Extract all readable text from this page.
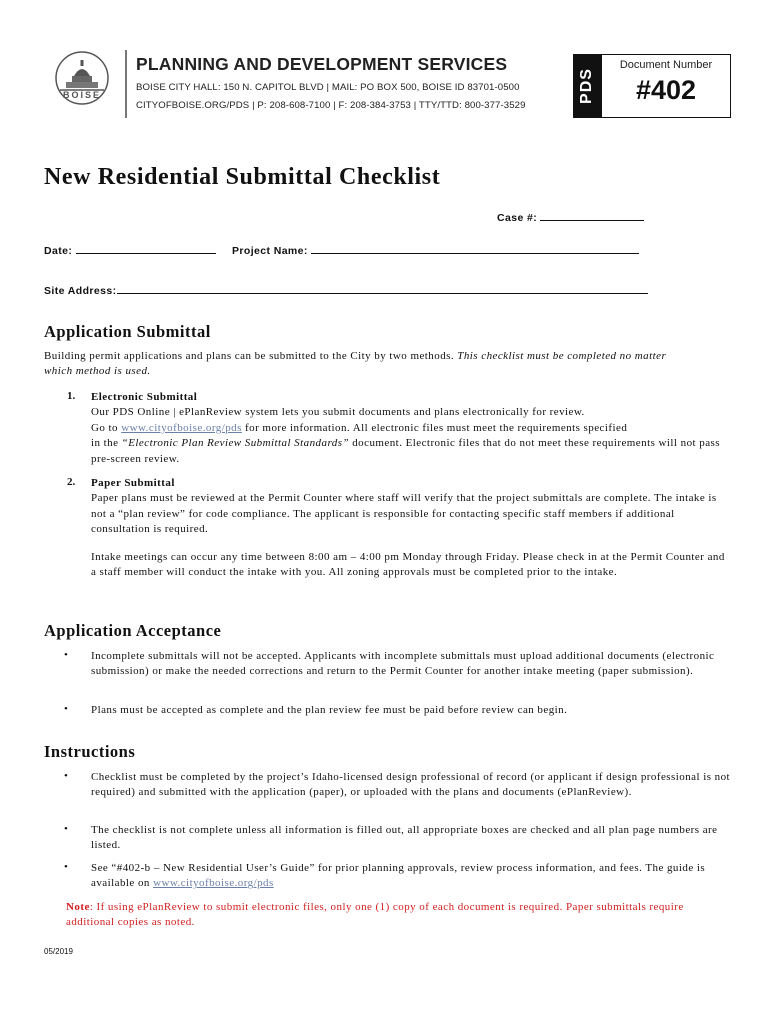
BOISE
PLANNING AND DEVELOPMENT SERVICES
BOISE CITY HALL: 150 N. CAPITOL BLVD | MAIL: PO BOX 500, BOISE ID 83701-0500
CITYOFBOISE.ORG/PDS | P: 208-608-7100 | F: 208-384-3753 | TTY/TTD: 800-377-3529
PDS
Document Number
#402
New Residential Submittal Checklist
Case #:
Date:	Project Name:
Site Address:
Application Submittal
Building permit applications and plans can be submitted to the City by two methods. This checklist must be completed no matter which method is used.
1. Electronic Submittal
Our PDS Online | ePlanReview system lets you submit documents and plans electronically for review.
Go to www.cityofboise.org/pds for more information. All electronic files must meet the requirements specified
in the “Electronic Plan Review Submittal Standards” document. Electronic files that do not meet these requirements will not pass pre-screen review.
2. Paper Submittal
Paper plans must be reviewed at the Permit Counter where staff will verify that the project submittals are complete. The intake is not a “plan review” for code compliance. The applicant is responsible for contacting specific staff members if additional consultation is required.
Intake meetings can occur any time between 8:00 am – 4:00 pm Monday through Friday. Please check in at the Permit Counter and a staff member will conduct the intake with you. All zoning approvals must be completed prior to the intake.
Application Acceptance
• Incomplete submittals will not be accepted. Applicants with incomplete submittals must upload additional documents (electronic submission) or make the needed corrections and return to the Permit Counter for another intake meeting (paper submission).
• Plans must be accepted as complete and the plan review fee must be paid before review can begin.
Instructions
• Checklist must be completed by the project’s Idaho-licensed design professional of record (or applicant if design professional is not required) and submitted with the application (paper), or uploaded with the plans and documents (ePlanReview).
• The checklist is not complete unless all information is filled out, all appropriate boxes are checked and all plan page numbers are listed.
• See “#402-b – New Residential User’s Guide” for prior planning approvals, review process information, and fees. The guide is available on www.cityofboise.org/pds
Note: If using ePlanReview to submit electronic files, only one (1) copy of each document is required. Paper submittals require additional copies as noted.
05/2019
